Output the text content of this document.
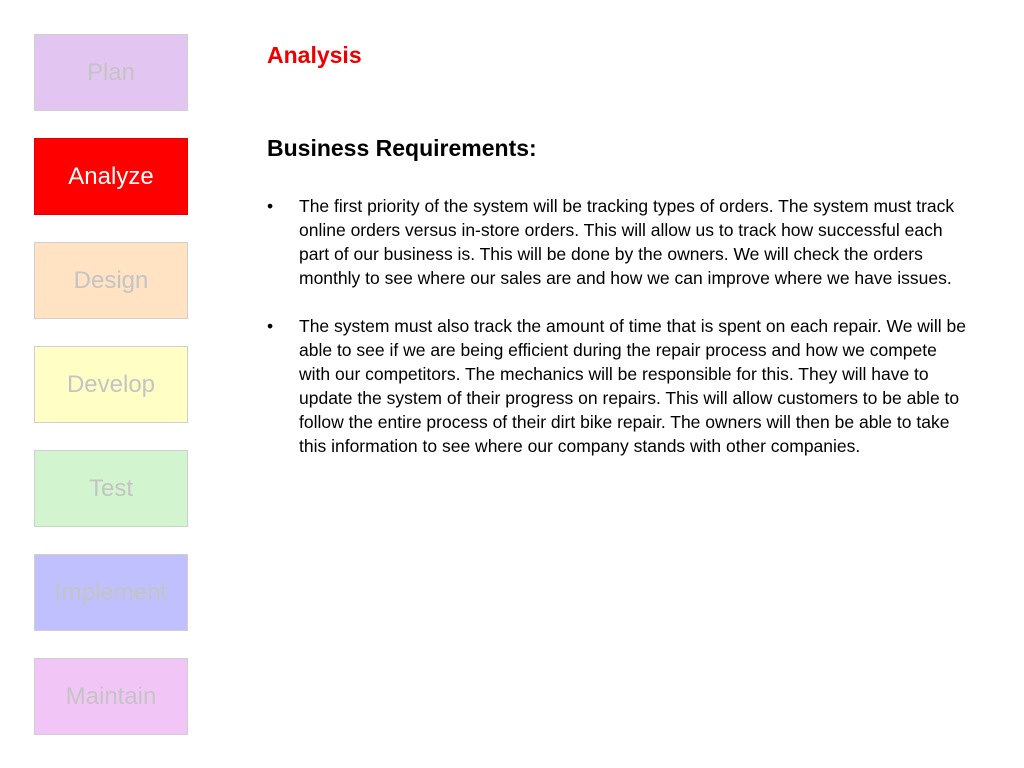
Plan
Analyze
Design
Develop
Test
Implement
Maintain
Analysis
Business Requirements:
• The first priority of the system will be tracking types of orders. The system must track online orders versus in-store orders. This will allow us to track how successful each part of our business is. This will be done by the owners. We will check the orders monthly to see where our sales are and how we can improve where we have issues.
• The system must also track the amount of time that is spent on each repair. We will be able to see if we are being efficient during the repair process and how we compete with our competitors. The mechanics will be responsible for this. They will have to update the system of their progress on repairs. This will allow customers to be able to follow the entire process of their dirt bike repair. The owners will then be able to take this information to see where our company stands with other companies.
